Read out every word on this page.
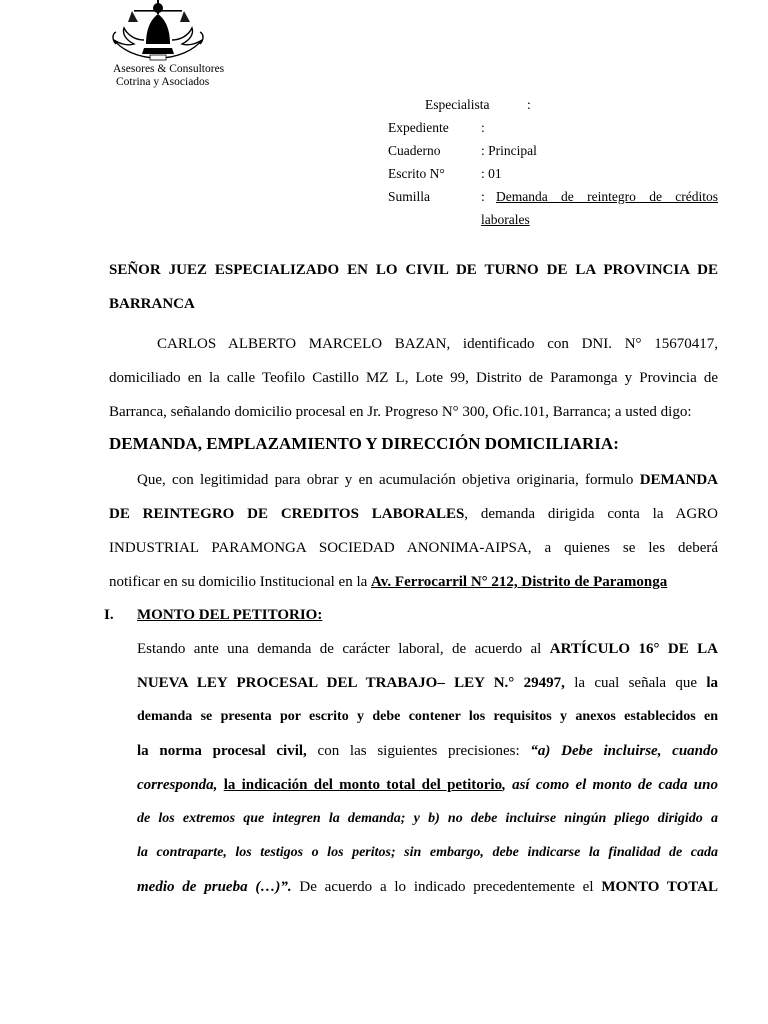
Asesores & Consultores
Cotrina y Asociados
Especialista	:
Expediente :
Cuaderno	: Principal
Escrito N°	: 01
Sumilla	: Demanda de reintegro de créditos
laborales
SEÑOR JUEZ ESPECIALIZADO EN LO CIVIL DE TURNO DE LA PROVINCIA DE
BARRANCA
CARLOS ALBERTO MARCELO BAZAN, identificado con DNI. N° 15670417,
domiciliado en la calle Teofilo Castillo MZ L, Lote 99, Distrito de Paramonga y Provincia de
Barranca, señalando domicilio procesal en Jr. Progreso N° 300, Ofic.101, Barranca; a usted digo:
DEMANDA, EMPLAZAMIENTO Y DIRECCIÓN DOMICILIARIA:
Que, con legitimidad para obrar y en acumulación objetiva originaria, formulo DEMANDA
DE REINTEGRO DE CREDITOS LABORALES, demanda dirigida conta la AGRO
INDUSTRIAL PARAMONGA SOCIEDAD ANONIMA-AIPSA, a quienes se les deberá
notificar en su domicilio Institucional en la Av. Ferrocarril N° 212, Distrito de Paramonga
I. MONTO DEL PETITORIO:
Estando ante una demanda de carácter laboral, de acuerdo al ARTÍCULO 16° DE LA
NUEVA LEY PROCESAL DEL TRABAJO– LEY N.° 29497, la cual señala que la
demanda se presenta por escrito y debe contener los requisitos y anexos establecidos en
la norma procesal civil, con las siguientes precisiones: “a) Debe incluirse, cuando
corresponda, la indicación del monto total del petitorio, así como el monto de cada uno
de los extremos que integren la demanda; y b) no debe incluirse ningún pliego dirigido a
la contraparte, los testigos o los peritos; sin embargo, debe indicarse la finalidad de cada
medio de prueba (…)”. De acuerdo a lo indicado precedentemente el MONTO TOTAL
